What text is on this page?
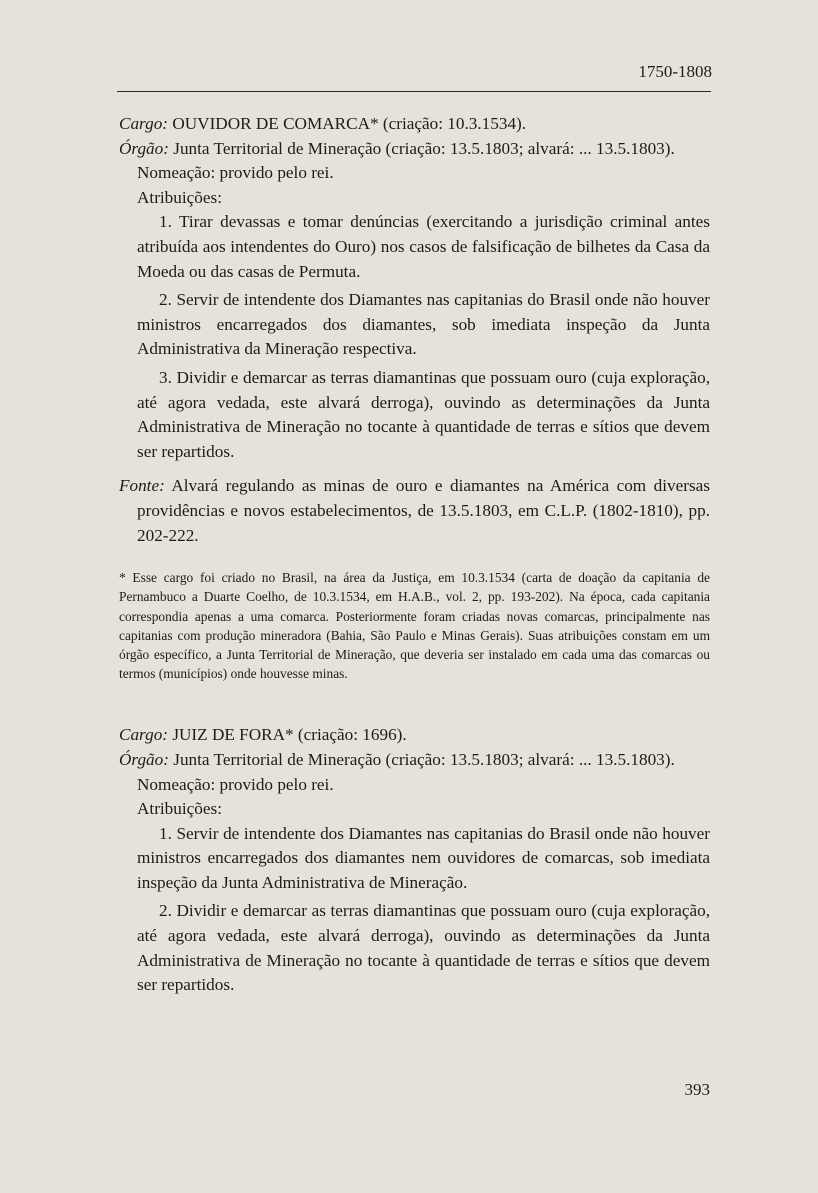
1750-1808

Cargo: OUVIDOR DE COMARCA* (criação: 10.3.1534).

Órgão: Junta Territorial de Mineração (criação: 13.5.1803; alvará: ... 13.5.1803).

Nomeação: provido pelo rei.

Atribuições:

1. Tirar devassas e tomar denúncias (exercitando a jurisdição criminal antes atribuída aos intendentes do Ouro) nos casos de falsificação de bilhetes da Casa da Moeda ou das casas de Permuta.

2. Servir de intendente dos Diamantes nas capitanias do Brasil onde não houver ministros encarregados dos diamantes, sob imediata inspeção da Junta Administrativa da Mineração respectiva.

3. Dividir e demarcar as terras diamantinas que possuam ouro (cuja exploração, até agora vedada, este alvará derroga), ouvindo as determinações da Junta Administrativa de Mineração no tocante à quantidade de terras e sítios que devem ser repartidos.

Fonte: Alvará regulando as minas de ouro e diamantes na América com diversas providências e novos estabelecimentos, de 13.5.1803, em C.L.P. (1802-1810), pp. 202-222.

* Esse cargo foi criado no Brasil, na área da Justiça, em 10.3.1534 (carta de doação da capitania de Pernambuco a Duarte Coelho, de 10.3.1534, em H.A.B., vol. 2, pp. 193-202). Na época, cada capitania correspondia apenas a uma comarca. Posteriormente foram criadas novas comarcas, principalmente nas capitanias com produção mineradora (Bahia, São Paulo e Minas Gerais). Suas atribuições constam em um órgão específico, a Junta Territorial de Mineração, que deveria ser instalado em cada uma das comarcas ou termos (municípios) onde houvesse minas.

Cargo: JUIZ DE FORA* (criação: 1696).

Órgão: Junta Territorial de Mineração (criação: 13.5.1803; alvará: ... 13.5.1803).

Nomeação: provido pelo rei.

Atribuições:

1. Servir de intendente dos Diamantes nas capitanias do Brasil onde não houver ministros encarregados dos diamantes nem ouvidores de comarcas, sob imediata inspeção da Junta Administrativa de Mineração.

2. Dividir e demarcar as terras diamantinas que possuam ouro (cuja exploração, até agora vedada, este alvará derroga), ouvindo as determinações da Junta Administrativa de Mineração no tocante à quantidade de terras e sítios que devem ser repartidos.

393
